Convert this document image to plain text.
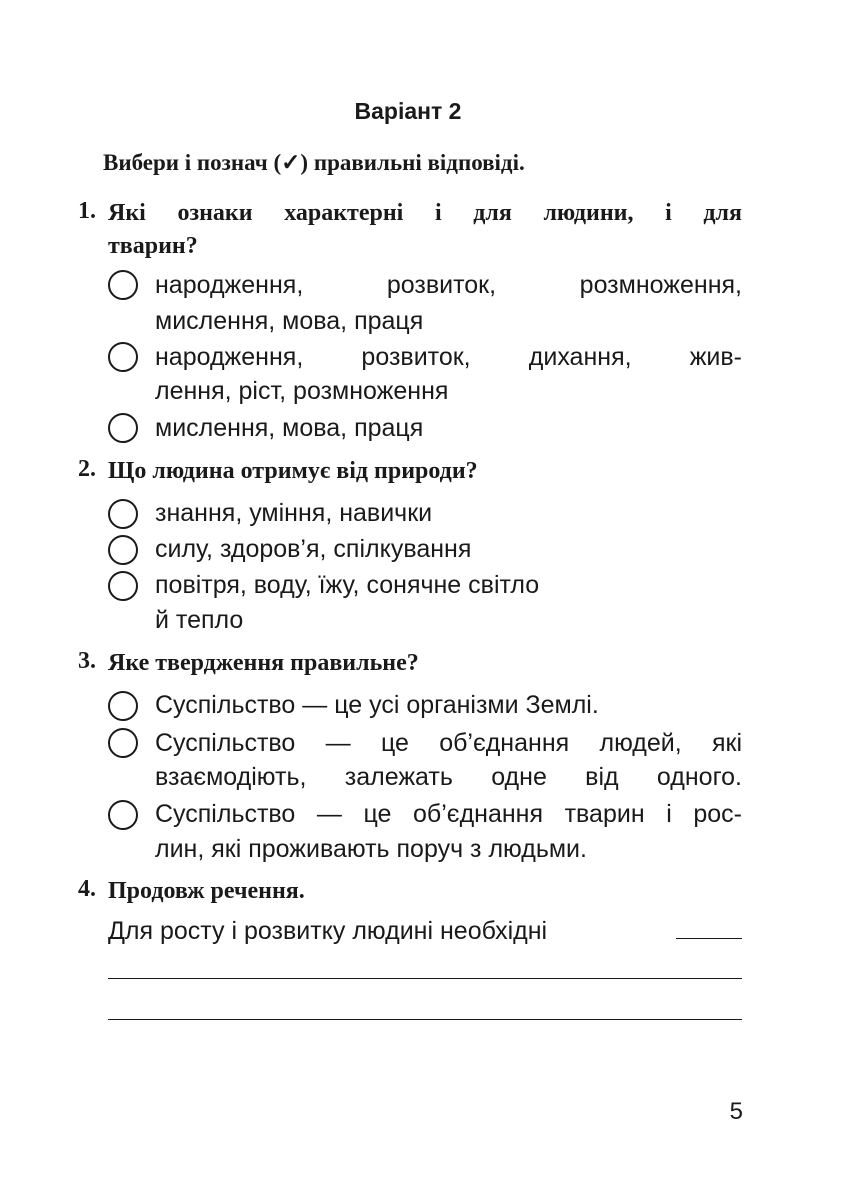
Варіант 2
Вибери і познач (✓) правильні відповіді.
1. Які ознаки характерні і для людини, і для
тварин?
народження, розвиток, розмноження,
мислення, мова, праця
народження, розвиток, дихання, жив-
лення, ріст, розмноження
мислення, мова, праця
2. Що людина отримує від природи?
знання, уміння, навички
силу, здоров’я, спілкування
повітря, воду, їжу, сонячне світло
й тепло
3. Яке твердження правильне?
Суспільство — це усі організми Землі.
Суспільство — це об’єднання людей, які
взаємодіють, залежать одне від одного.
Суспільство — це об’єднання тварин і рос-
лин, які проживають поруч з людьми.
4. Продовж речення.
Для росту і розвитку людині необхідні
5
